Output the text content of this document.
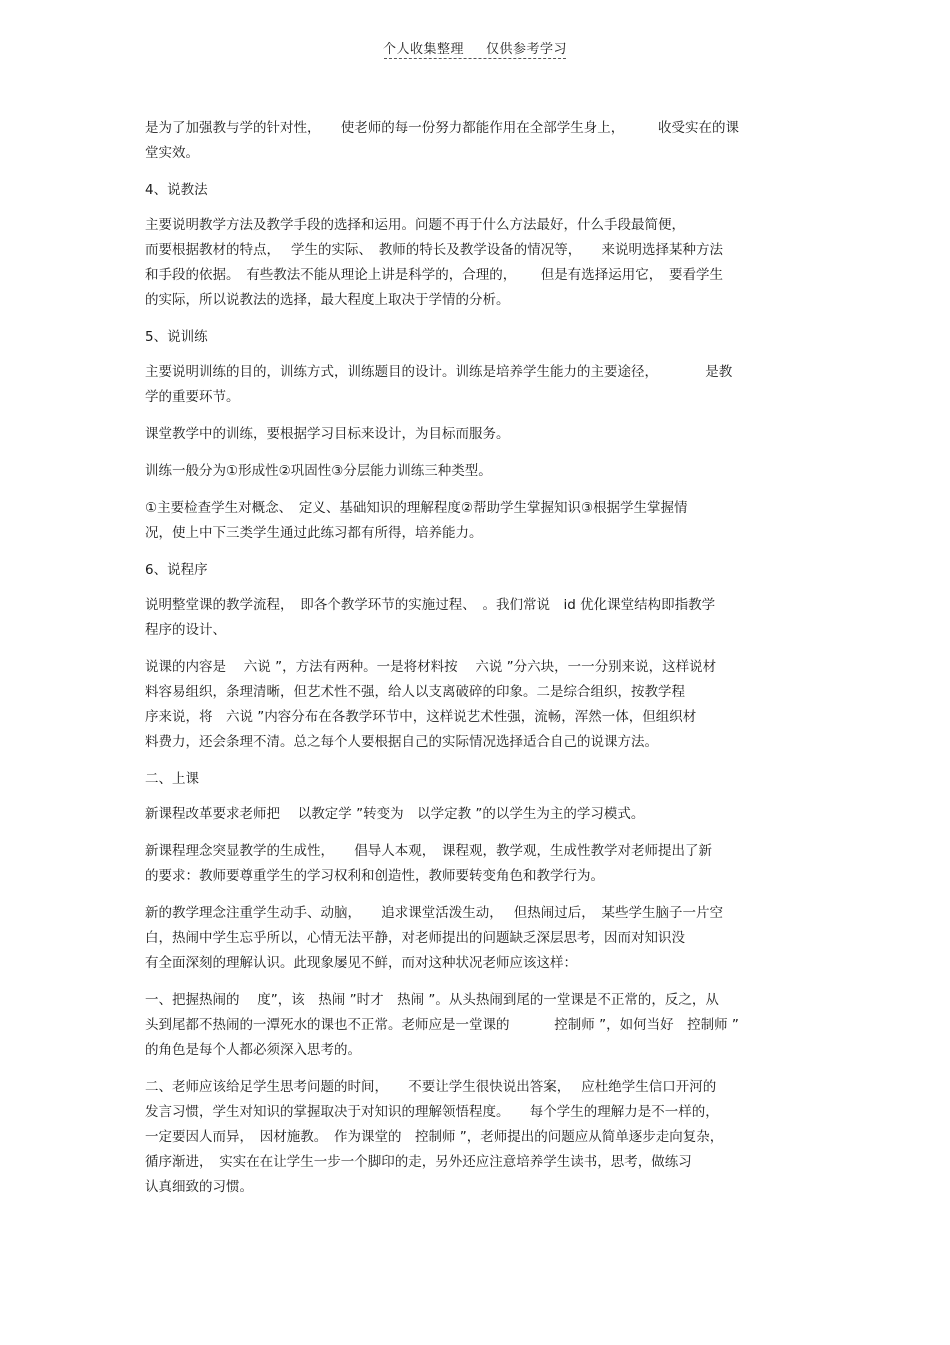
个人收集整理 仅供参考学习

是为了加强教与学的针对性，　　使老师的每一份努力都能作用在全部学生身上，　　　收受实在的课
堂实效。

4、说教法

主要说明教学方法及教学手段的选择和运用。问题不再于什么方法最好，什么手段最简便，
而要根据教材的特点，　 学生的实际、　教师的特长及教学设备的情况等，　　来说明选择某种方法
和手段的依据。　有些教法不能从理论上讲是科学的，合理的，　　 但是有选择运用它，　要看学生
的实际，所以说教法的选择，最大程度上取决于学情的分析。

5、说训练

主要说明训练的目的，训练方式，训练题目的设计。训练是培养学生能力的主要途径，　　　　是教
学的重要环节。

课堂教学中的训练，要根据学习目标来设计，为目标而服务。

训练一般分为①形成性②巩固性③分层能力训练三种类型。

①主要检查学生对概念、　定义、基础知识的理解程度②帮助学生掌握知识③根据学生掌握情
况，使上中下三类学生通过此练习都有所得，培养能力。

6、说程序

说明整堂课的教学流程，　即各个教学环节的实施过程、　。我们常说　id 优化课堂结构即指教学
程序的设计、

说课的内容是　 六说 ”，方法有两种。一是将材料按　 六说 ”分六块，一一分别来说，这样说材
料容易组织，条理清晰，但艺术性不强，给人以支离破碎的印象。二是综合组织，按教学程
序来说，将　六说 ”内容分布在各教学环节中，这样说艺术性强，流畅，浑然一体，但组织材
料费力，还会条理不清。总之每个人要根据自己的实际情况选择适合自己的说课方法。

二、上课

新课程改革要求老师把　 以教定学 ”转变为　以学定教 ”的以学生为主的学习模式。

新课程理念突显教学的生成性，　　倡导人本观，　课程观，教学观，生成性教学对老师提出了新
的要求：教师要尊重学生的学习权利和创造性，教师要转变角色和教学行为。

新的教学理念注重学生动手、动脑，　　追求课堂活泼生动，　 但热闹过后，　某些学生脑子一片空
白，热闹中学生忘乎所以，心情无法平静，对老师提出的问题缺乏深层思考，因而对知识没
有全面深刻的理解认识。此现象屡见不鲜，而对这种状况老师应该这样：

一、把握热闹的　 度”，该　热闹 ”时才　热闹 ”。从头热闹到尾的一堂课是不正常的，反之，从
头到尾都不热闹的一潭死水的课也不正常。老师应是一堂课的　　　 控制师 ”，如何当好　控制师 ”
的角色是每个人都必须深入思考的。

二、老师应该给足学生思考问题的时间，　　不要让学生很快说出答案，　 应杜绝学生信口开河的
发言习惯，学生对知识的掌握取决于对知识的理解领悟程度。　　每个学生的理解力是不一样的，
一定要因人而异，　因材施教。　作为课堂的　控制师 ”，老师提出的问题应从简单逐步走向复杂，
循序渐进，　实实在在让学生一步一个脚印的走，另外还应注意培养学生读书，思考，做练习
认真细致的习惯。
